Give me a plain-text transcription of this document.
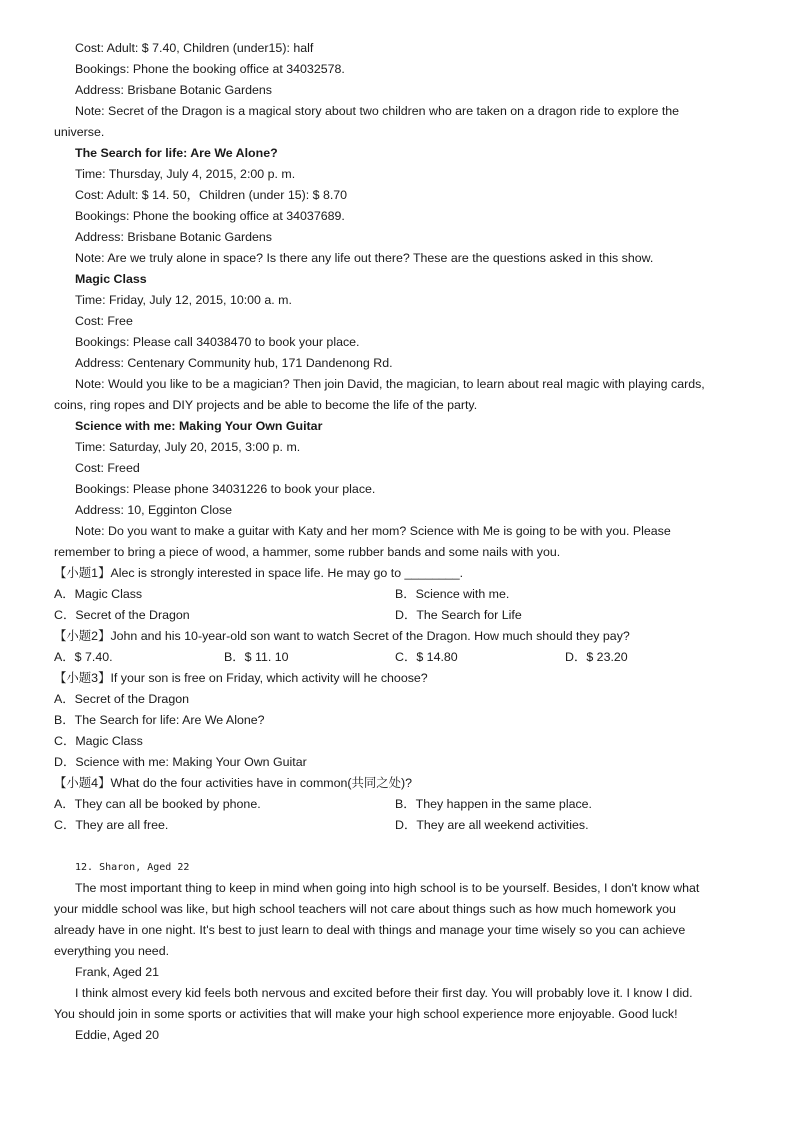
Cost: Adult: $ 7.40, Children (under15): half
Bookings: Phone the booking office at 34032578.
Address: Brisbane Botanic Gardens
Note: Secret of the Dragon is a magical story about two children who are taken on a dragon ride to explore the
universe.
The Search for life: Are We Alone?
Time: Thursday, July 4, 2015, 2:00 p. m.
Cost: Adult: $ 14. 50，Children (under 15): $ 8.70
Bookings: Phone the booking office at 34037689.
Address: Brisbane Botanic Gardens
Note: Are we truly alone in space? Is there any life out there? These are the questions asked in this show.
Magic Class
Time: Friday, July 12, 2015, 10:00 a. m.
Cost: Free
Bookings: Please call 34038470 to book your place.
Address: Centenary Community hub, 171 Dandenong Rd.
Note: Would you like to be a magician? Then join David, the magician, to learn about real magic with playing cards,
coins, ring ropes and DIY projects and be able to become the life of the party.
Science with me: Making Your Own Guitar
Time: Saturday, July 20, 2015, 3:00 p. m.
Cost: Freed
Bookings: Please phone 34031226 to book your place.
Address: 10, Egginton Close
Note: Do you want to make a guitar with Katy and her mom? Science with Me is going to be with you. Please
remember to bring a piece of wood, a hammer, some rubber bands and some nails with you.
【小题1】Alec is strongly interested in space life. He may go to ________.
A．Magic Class	B．Science with me.
C．Secret of the Dragon	D．The Search for Life
【小题2】John and his 10-year-old son want to watch Secret of the Dragon. How much should they pay?
A．$ 7.40.	B．$ 11. 10	C．$ 14.80	D．$ 23.20
【小题3】If your son is free on Friday, which activity will he choose?
A．Secret of the Dragon
B．The Search for life: Are We Alone?
C．Magic Class
D．Science with me: Making Your Own Guitar
【小题4】What do the four activities have in common(共同之处)?
A．They can all be booked by phone.	B．They happen in the same place.
C．They are all free.	D．They are all weekend activities.
12. Sharon, Aged 22
The most important thing to keep in mind when going into high school is to be yourself. Besides, I don't know what
your middle school was like, but high school teachers will not care about things such as how much homework you
already have in one night. It's best to just learn to deal with things and manage your time wisely so you can achieve
everything you need.
Frank, Aged 21
I think almost every kid feels both nervous and excited before their first day. You will probably love it. I know I did.
You should join in some sports or activities that will make your high school experience more enjoyable. Good luck!
Eddie, Aged 20
